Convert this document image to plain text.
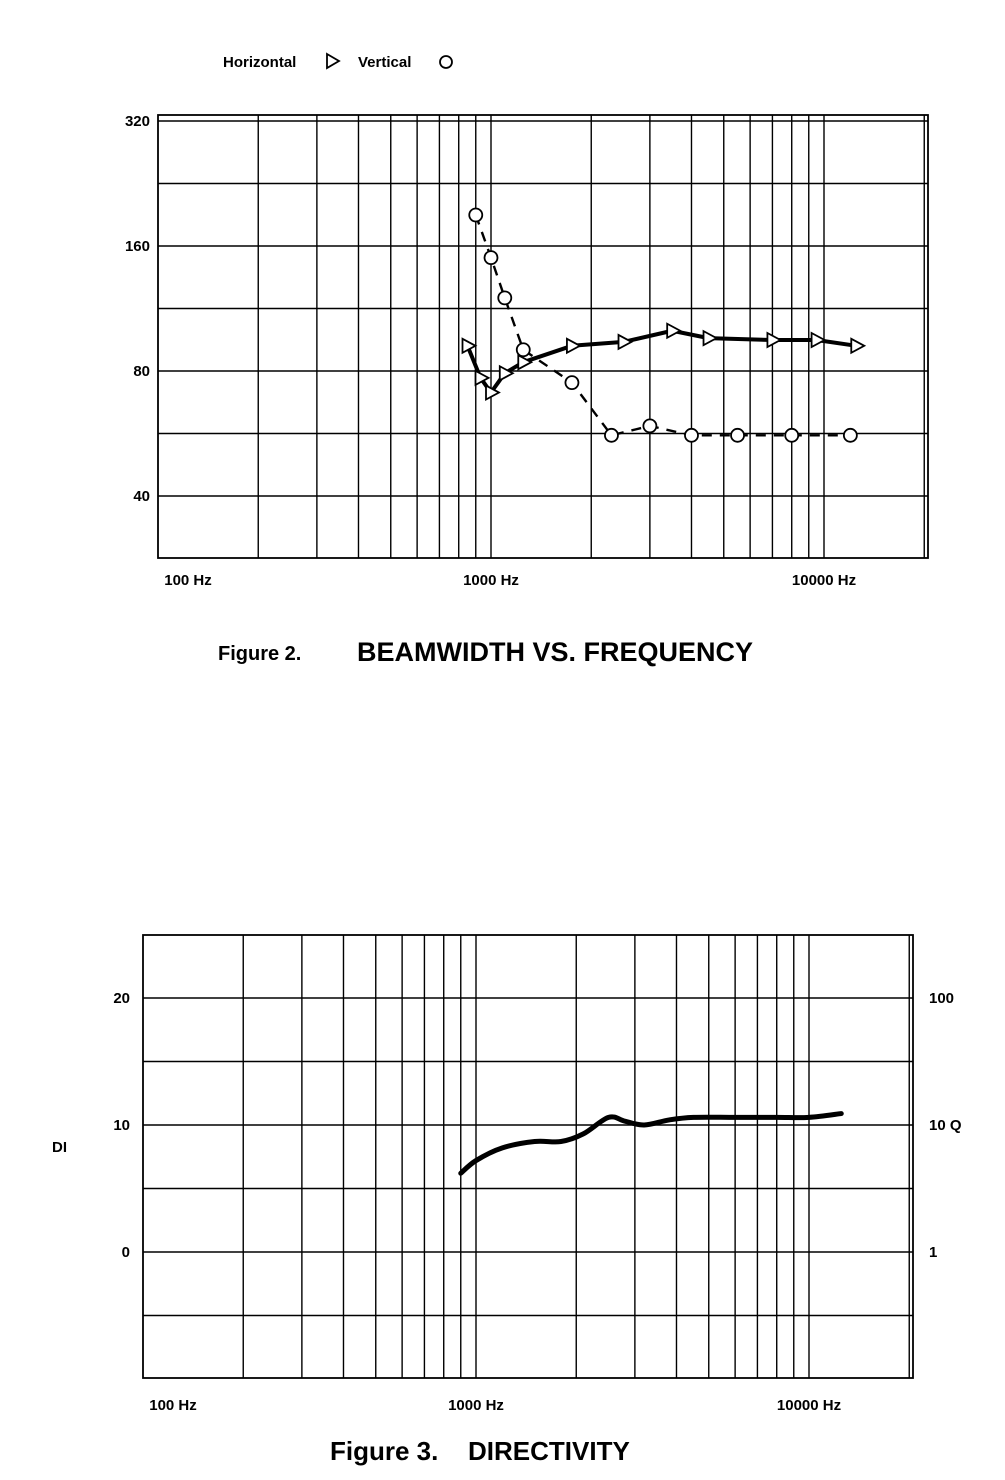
Horizontal	Vertical
320
160
80
40
100 Hz	1000 Hz	10000 Hz
Figure 2. BEAMWIDTH VS. FREQUENCY
20
10
0
100
10 Q
1
100 Hz	1000 Hz	10000 Hz
DI
Figure 3. DIRECTIVITY
